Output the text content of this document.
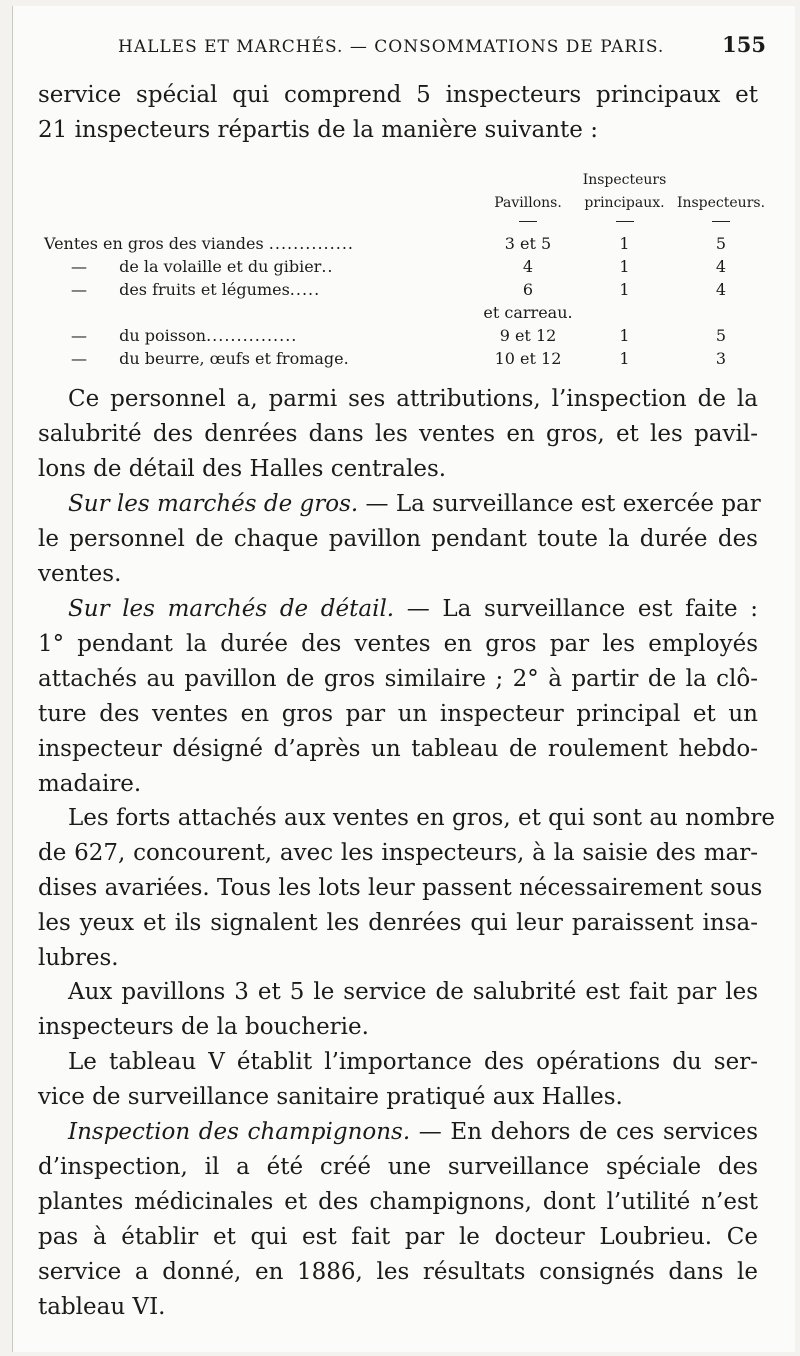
HALLES ET MARCHÉS. — CONSOMMATIONS DE PARIS.	155
service spécial qui comprend 5 inspecteurs principaux et
21 inspecteurs répartis de la manière suivante :
		Inspecteurs	
	Pavillons.	principaux.	Inspecteurs.

Ventes en gros des viandes ..............	3 et 5	1	5
— de la volaille et du gibier..	4	1	4
— des fruits et légumes.....	6	1	4
	et carreau.		
— du poisson...............	9 et 12	1	5
— du beurre, œufs et fromage.	10 et 12	1	3
Ce personnel a, parmi ses attributions, l’inspection de la
salubrité des denrées dans les ventes en gros, et les pavil-
lons de détail des Halles centrales.
Sur les marchés de gros. — La surveillance est exercée par
le personnel de chaque pavillon pendant toute la durée des
ventes.
Sur les marchés de détail. — La surveillance est faite :
1° pendant la durée des ventes en gros par les employés
attachés au pavillon de gros similaire ; 2° à partir de la clô-
ture des ventes en gros par un inspecteur principal et un
inspecteur désigné d’après un tableau de roulement hebdo-
madaire.
Les forts attachés aux ventes en gros, et qui sont au nombre
de 627, concourent, avec les inspecteurs, à la saisie des mar-
dises avariées. Tous les lots leur passent nécessairement sous
les yeux et ils signalent les denrées qui leur paraissent insa-
lubres.
Aux pavillons 3 et 5 le service de salubrité est fait par les
inspecteurs de la boucherie.
Le tableau V établit l’importance des opérations du ser-
vice de surveillance sanitaire pratiqué aux Halles.
Inspection des champignons. — En dehors de ces services
d’inspection, il a été créé une surveillance spéciale des
plantes médicinales et des champignons, dont l’utilité n’est
pas à établir et qui est fait par le docteur Loubrieu. Ce
service a donné, en 1886, les résultats consignés dans le
tableau VI.
